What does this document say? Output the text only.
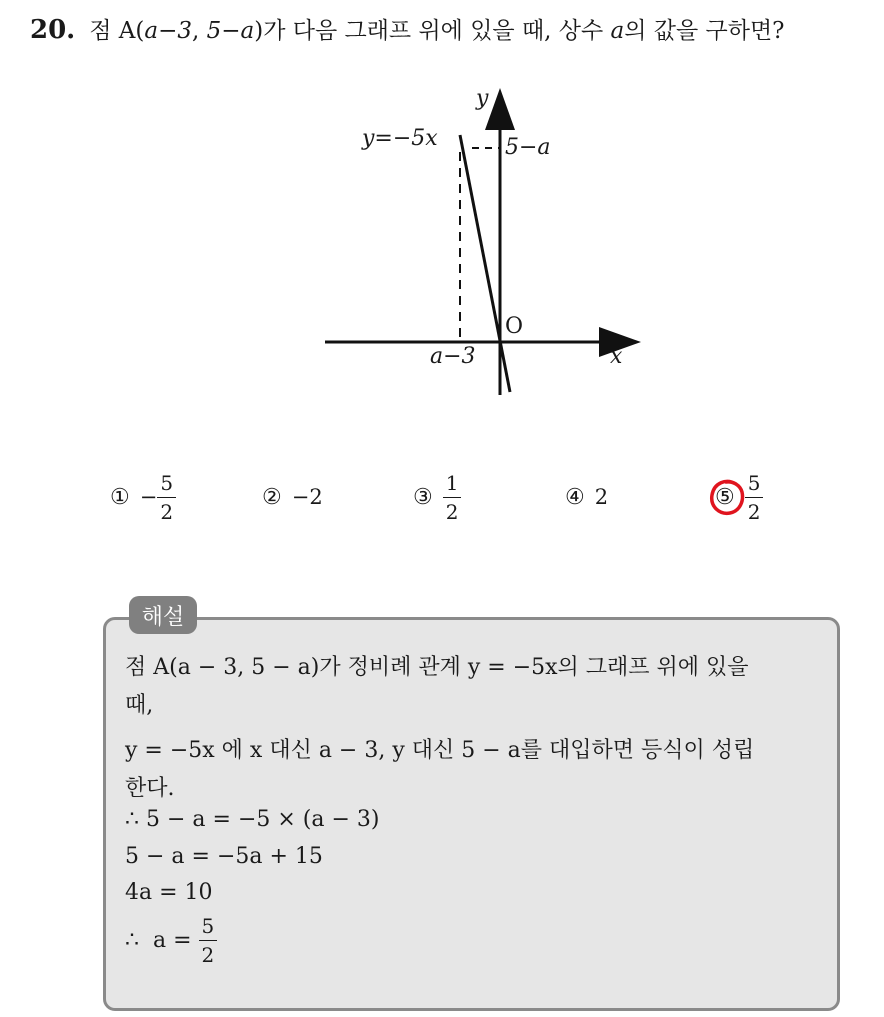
20. 점 A(a−3, 5−a)가 다음 그래프 위에 있을 때, 상수 a의 값을 구하면?
y=−5x
y
x
O
5−a
a−3
① − $\frac{5}{2}$	② −2	③ $\frac{1}{2}$	④ 2	⑤ $\frac{5}{2}$
해설
점 A(a − 3, 5 − a)가 정비례 관계 y = −5x의 그래프 위에 있을
때,
y = −5x 에 x 대신 a − 3, y 대신 5 − a를 대입하면 등식이 성립
한다.
∴ 5 − a = −5 × (a − 3)
5 − a = −5a + 15
4a = 10
∴  $a = \frac{5}{2}$
